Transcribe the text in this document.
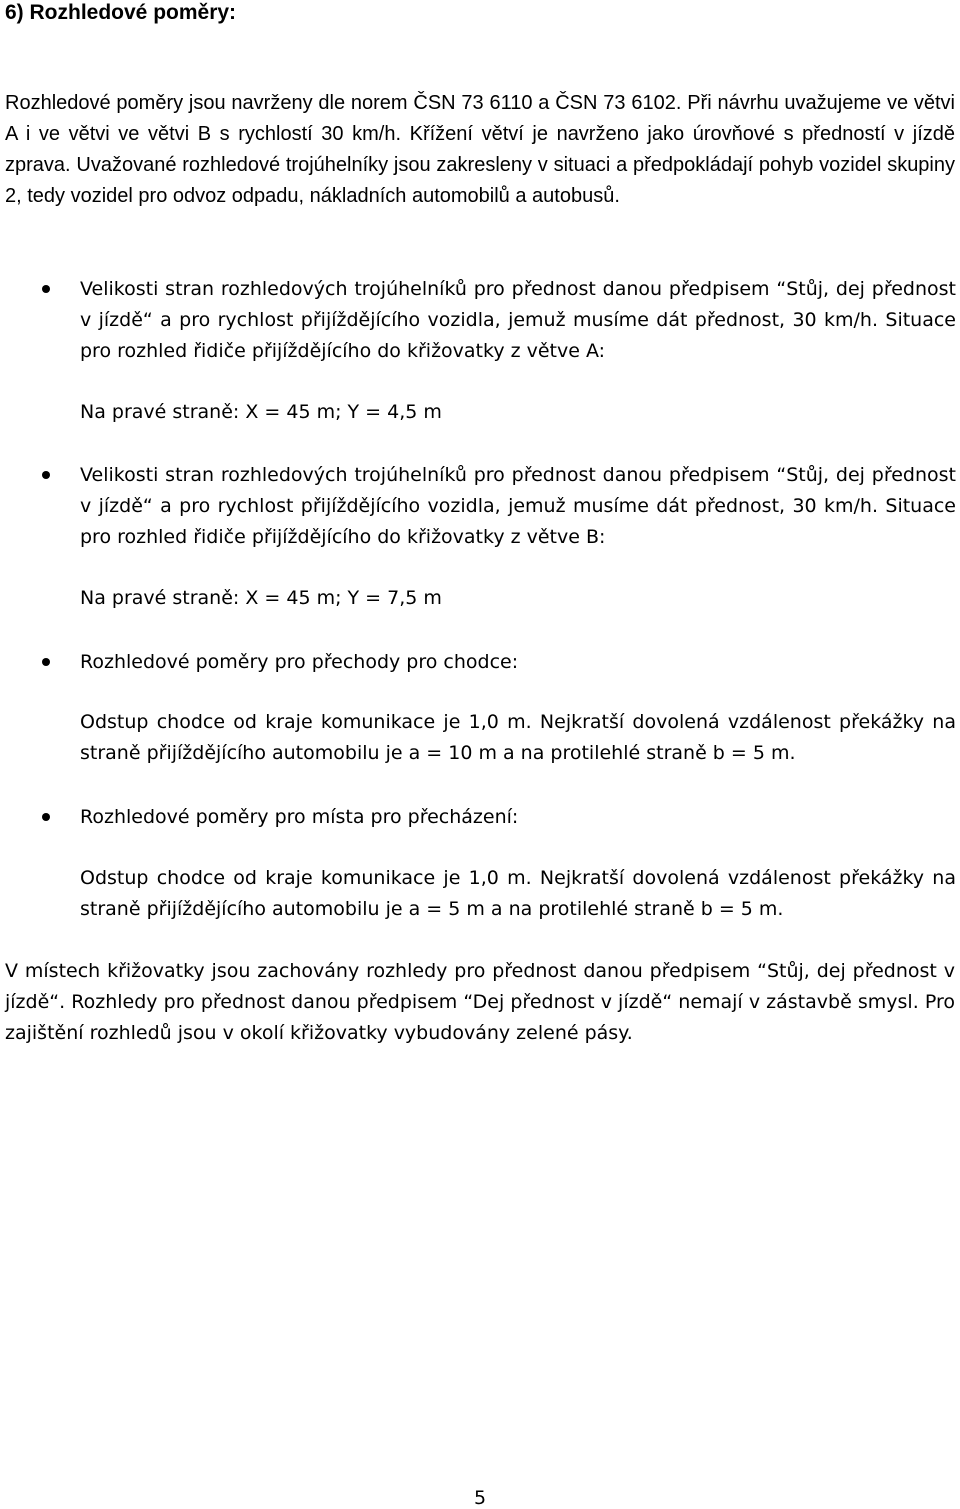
6) Rozhledové poměry:

Rozhledové poměry jsou navrženy dle norem ČSN 73 6110 a ČSN 73 6102. Při návrhu uvažujeme ve větvi A i ve větvi ve větvi B s rychlostí 30 km/h. Křížení větví je navrženo jako úrovňové s předností v jízdě zprava. Uvažované rozhledové trojúhelníky jsou zakresleny v situaci a předpokládají pohyb vozidel skupiny 2, tedy vozidel pro odvoz odpadu, nákladních automobilů a autobusů.

Velikosti stran rozhledových trojúhelníků pro přednost danou předpisem “Stůj, dej přednost v jízdě“ a pro rychlost přijíždějícího vozidla, jemuž musíme dát přednost, 30 km/h. Situace pro rozhled řidiče přijíždějícího do křižovatky z větve A:

Na pravé straně: X = 45 m; Y = 4,5 m

Velikosti stran rozhledových trojúhelníků pro přednost danou předpisem “Stůj, dej přednost v jízdě“ a pro rychlost přijíždějícího vozidla, jemuž musíme dát přednost, 30 km/h. Situace pro rozhled řidiče přijíždějícího do křižovatky z větve B:

Na pravé straně: X = 45 m; Y = 7,5 m

Rozhledové poměry pro přechody pro chodce:

Odstup chodce od kraje komunikace je 1,0 m. Nejkratší dovolená vzdálenost překážky na straně přijíždějícího automobilu je a = 10 m a na protilehlé straně b = 5 m.

Rozhledové poměry pro místa pro přecházení:

Odstup chodce od kraje komunikace je 1,0 m. Nejkratší dovolená vzdálenost překážky na straně přijíždějícího automobilu je a = 5 m a na protilehlé straně b = 5 m.

V místech křižovatky jsou zachovány rozhledy pro přednost danou předpisem “Stůj, dej přednost v jízdě“. Rozhledy pro přednost danou předpisem “Dej přednost v jízdě“ nemají v zástavbě smysl. Pro zajištění rozhledů jsou v okolí křižovatky vybudovány zelené pásy.

5
